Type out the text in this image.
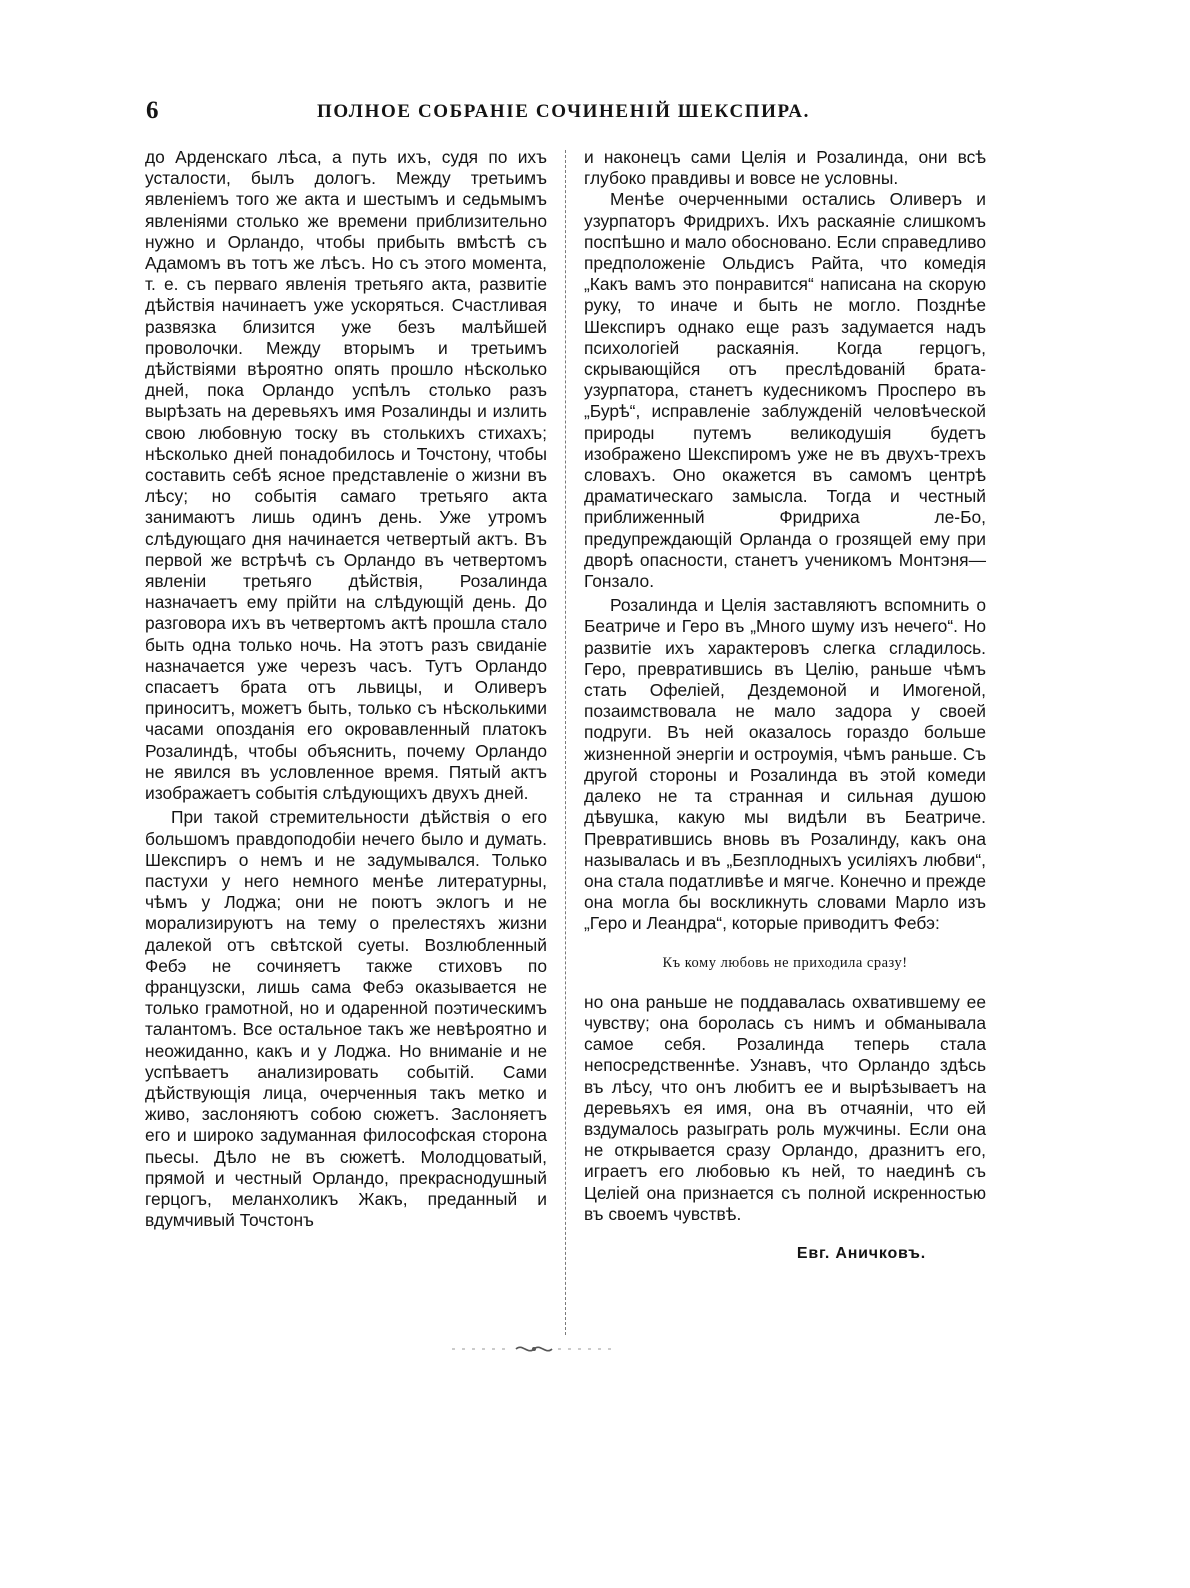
6	ПОЛНОЕ СОБРАНІЕ СОЧИНЕНІЙ ШЕКСПИРА.

до Арденскаго лѣса, а путь ихъ, судя по ихъ усталости, былъ дологъ. Между третьимъ явленіемъ того же акта и шестымъ и седьмымъ явленіями столько же времени приблизительно нужно и Орландо, чтобы прибыть вмѣстѣ съ Адамомъ въ тотъ же лѣсъ. Но съ этого момента, т. е. съ перваго явленія третьяго акта, развитіе дѣйствія начинаетъ уже ускоряться. Счастливая развязка близится уже безъ малѣйшей проволочки. Между вторымъ и третьимъ дѣйствіями вѣроятно опять прошло нѣсколько дней, пока Орландо успѣлъ столько разъ вырѣзать на деревьяхъ имя Розалинды и излить свою любовную тоску въ столькихъ стихахъ; нѣсколько дней понадобилось и Точстону, чтобы составить себѣ ясное представленіе о жизни въ лѣсу; но событія самаго третьяго акта занимаютъ лишь одинъ день. Уже утромъ слѣдующаго дня начинается четвертый актъ. Въ первой же встрѣчѣ съ Орландо въ четвертомъ явленіи третьяго дѣйствія, Розалинда назначаетъ ему прійти на слѣдующій день. До разговора ихъ въ четвертомъ актѣ прошла стало быть одна только ночь. На этотъ разъ свиданіе назначается уже черезъ часъ. Тутъ Орландо спасаетъ брата отъ львицы, и Оливеръ приноситъ, можетъ быть, только съ нѣсколькими часами опозданія его окровавленный платокъ Розалиндѣ, чтобы объяснить, почему Орландо не явился въ условленное время. Пятый актъ изображаетъ событія слѣдующихъ двухъ дней.

При такой стремительности дѣйствія о его большомъ правдоподобіи нечего было и думать. Шекспиръ о немъ и не задумывался. Только пастухи у него немного менѣе литературны, чѣмъ у Лоджа; они не поютъ эклогъ и не морализируютъ на тему о прелестяхъ жизни далекой отъ свѣтской суеты. Возлюбленный Фебэ не сочиняетъ также стиховъ по французски, лишь сама Фебэ оказывается не только грамотной, но и одаренной поэтическимъ талантомъ. Все остальное такъ же невѣроятно и неожиданно, какъ и у Лоджа. Но вниманіе и не успѣваетъ анализировать событій. Сами дѣйствующія лица, очерченныя такъ метко и живо, заслоняютъ собою сюжетъ. Заслоняетъ его и широко задуманная философская сторона пьесы. Дѣло не въ сюжетѣ. Молодцоватый, прямой и честный Орландо, прекраснодушный герцогъ, меланхоликъ Жакъ, преданный и вдумчивый Точстонъ

и наконецъ сами Целія и Розалинда, они всѣ глубоко правдивы и вовсе не условны.

Менѣе очерченными остались Оливеръ и узурпаторъ Фридрихъ. Ихъ раскаяніе слишкомъ поспѣшно и мало обосновано. Если справедливо предположеніе Ольдисъ Райта, что комедія „Какъ вамъ это понравится“ написана на скорую руку, то иначе и быть не могло. Позднѣе Шекспиръ однако еще разъ задумается надъ психологіей раскаянія. Когда герцогъ, скрывающійся отъ преслѣдованій брата-узурпатора, станетъ кудесникомъ Просперо въ „Бурѣ“, исправленіе заблужденій человѣческой природы путемъ великодушія будетъ изображено Шекспиромъ уже не въ двухъ-трехъ словахъ. Оно окажется въ самомъ центрѣ драматическаго замысла. Тогда и честный приближенный Фридриха ле-Бо, предупреждающій Орланда о грозящей ему при дворѣ опасности, станетъ ученикомъ Монтэня—Гонзало.

Розалинда и Целія заставляютъ вспомнить о Беатриче и Геро въ „Много шуму изъ нечего“. Но развитіе ихъ характеровъ слегка сгладилось. Геро, превратившись въ Целію, раньше чѣмъ стать Офеліей, Дездемоной и Имогеной, позаимствовала не мало задора у своей подруги. Въ ней оказалось гораздо больше жизненной энергіи и остроумія, чѣмъ раньше. Съ другой стороны и Розалинда въ этой комеди далеко не та странная и сильная душою дѣвушка, какую мы видѣли въ Беатриче. Превратившись вновь въ Розалинду, какъ она называлась и въ „Безплодныхъ усиліяхъ любви“, она стала податливѣе и мягче. Конечно и прежде она могла бы воскликнуть словами Марло изъ „Геро и Леандра“, которые приводитъ Фебэ:

Къ кому любовь не приходила сразу!

но она раньше не поддавалась охватившему ее чувству; она боролась съ нимъ и обманывала самое себя. Розалинда теперь стала непосредственнѣе. Узнавъ, что Орландо здѣсь въ лѣсу, что онъ любитъ ее и вырѣзываетъ на деревьяхъ ея имя, она въ отчаяніи, что ей вздумалось разыграть роль мужчины. Если она не открывается сразу Орландо, дразнитъ его, играетъ его любовью къ ней, то наединѣ съ Целіей она признается съ полной искренностью въ своемъ чувствѣ.

Евг. Аничковъ.
